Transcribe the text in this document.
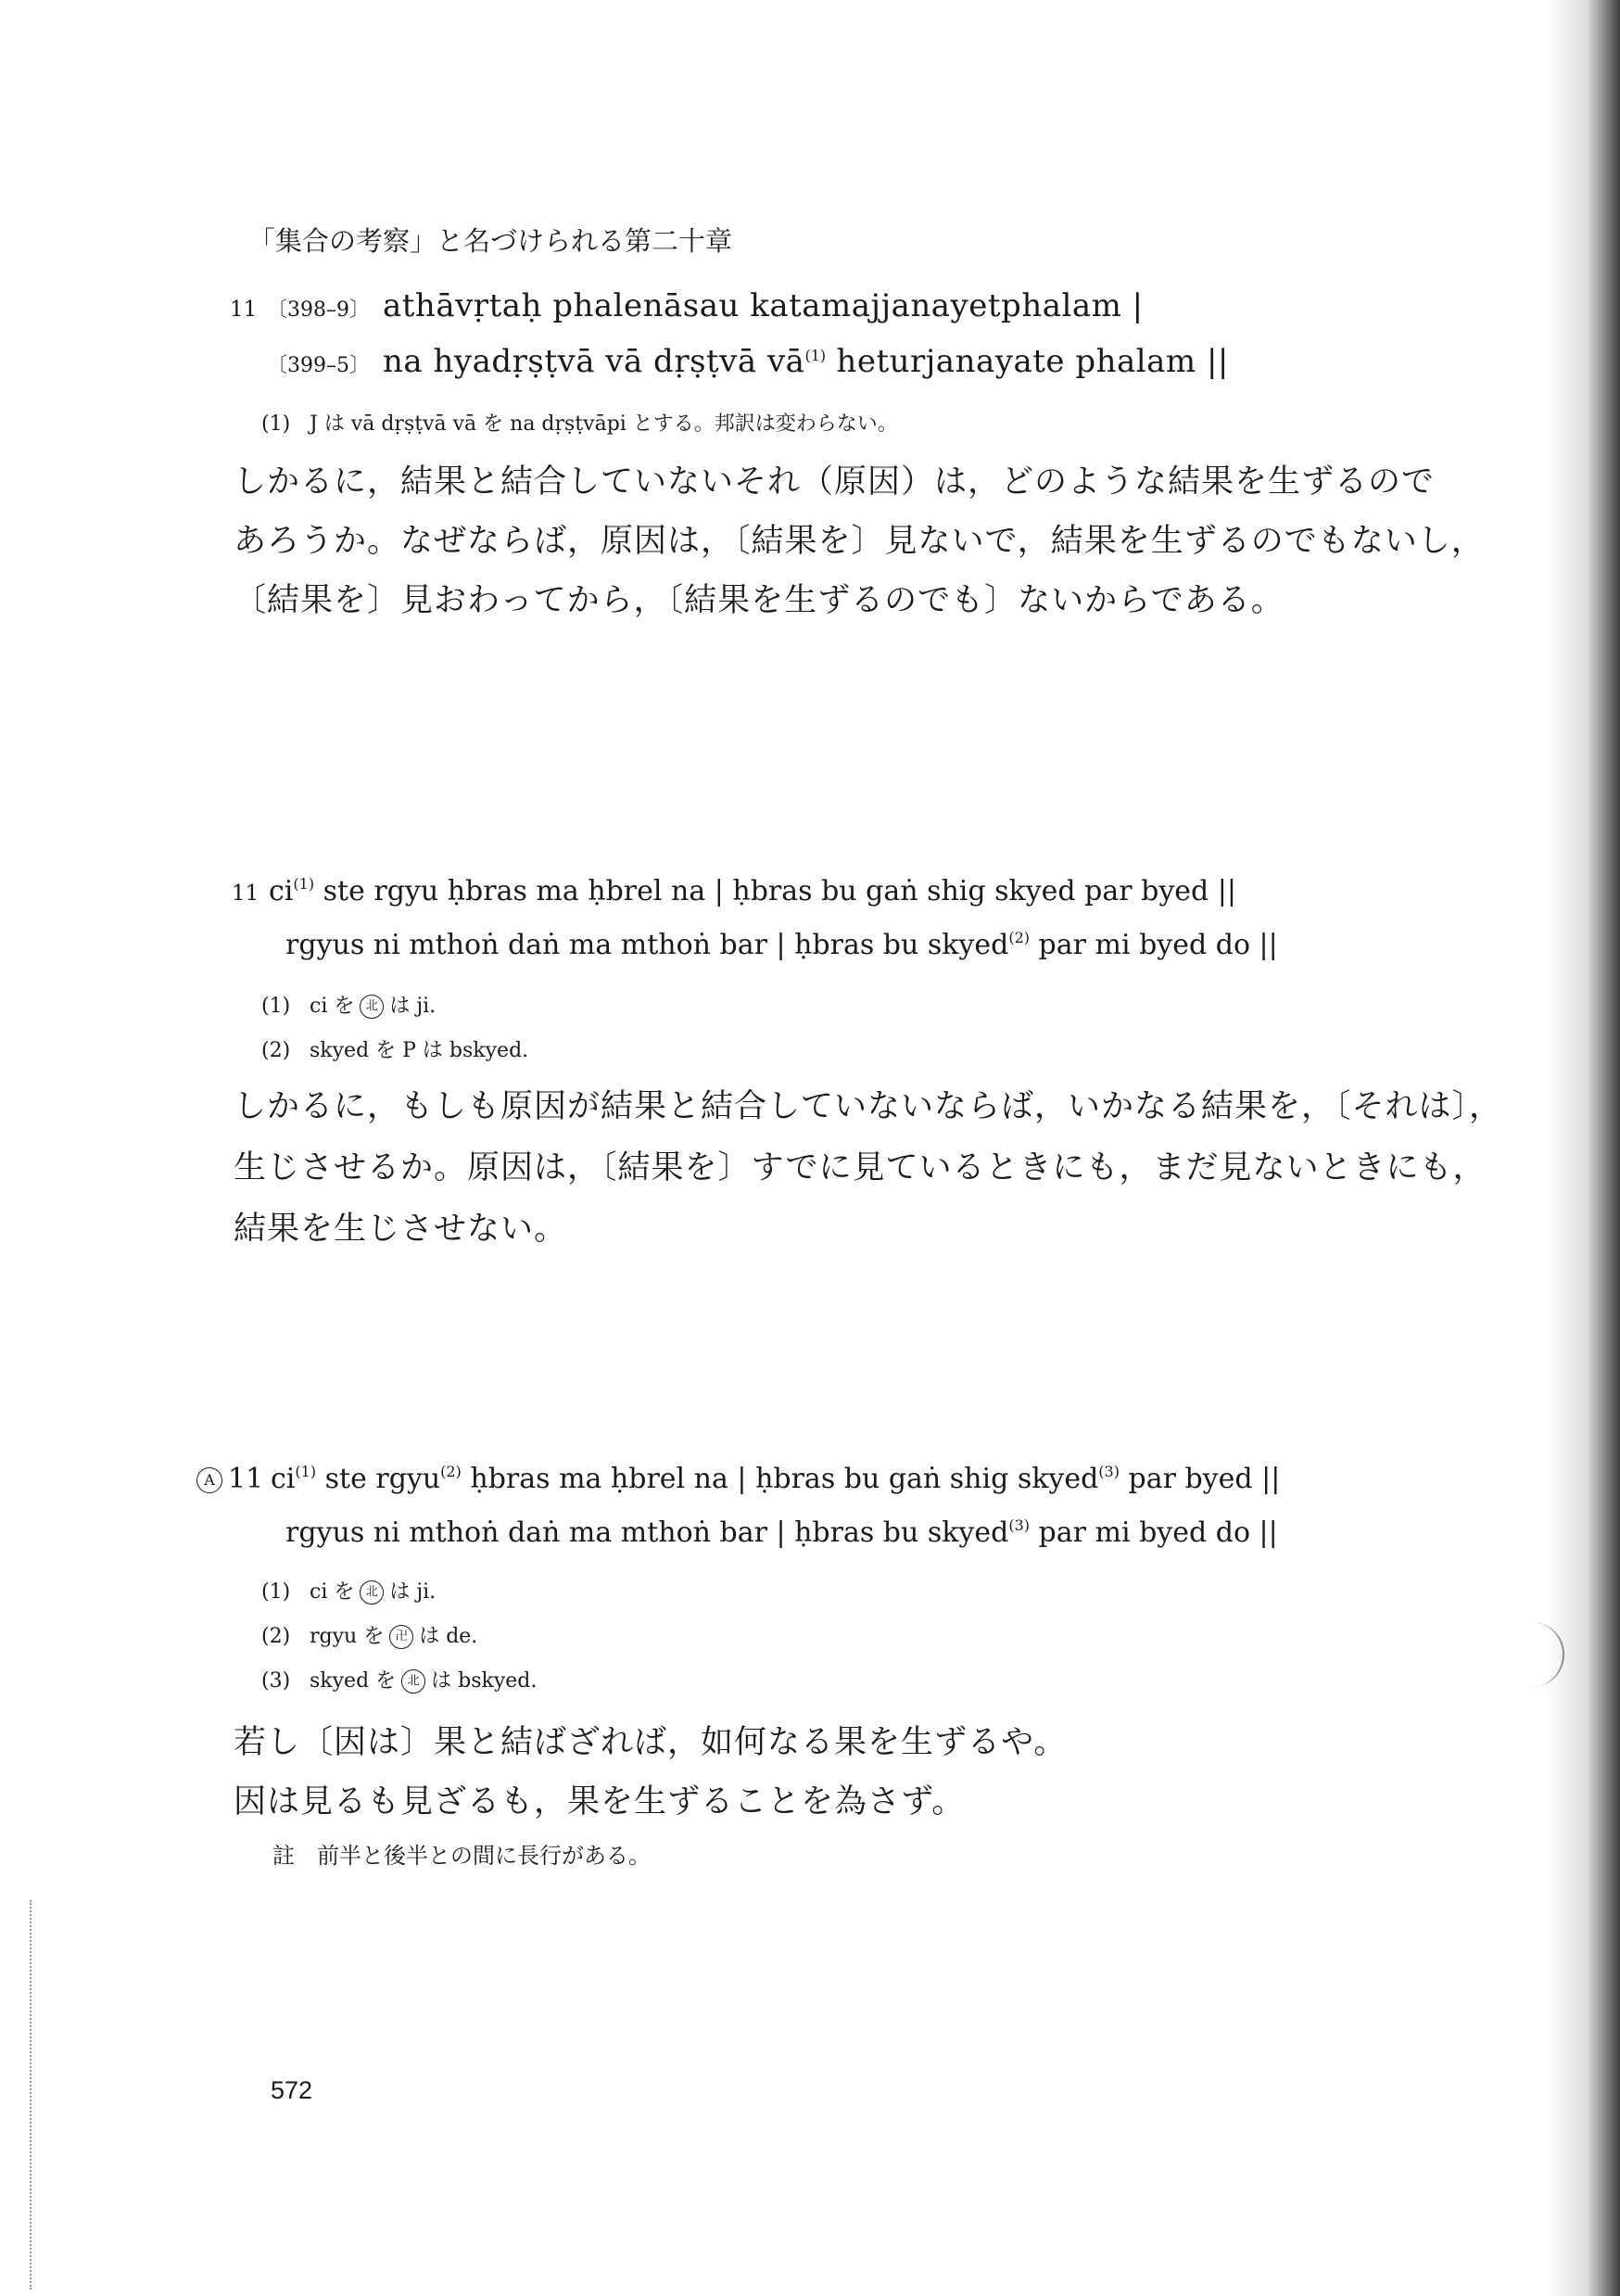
「集合の考察」と名づけられる第二十章
11 〔398–9〕 athāvṛtaḥ phalenāsau katamajjanayetphalam |
〔399–5〕 na hyadṛṣṭvā vā dṛṣṭvā $vā^{(1)}$ heturjanayate phalam ||
(1) J は vā dṛṣṭvā vā を na dṛṣṭvāpi とする。邦訳は変わらない。
しかるに，結果と結合していないそれ（原因）は，どのような結果を生ずるので
あろうか。なぜならば，原因は，〔結果を〕見ないで，結果を生ずるのでもないし，
〔結果を〕見おわってから，〔結果を生ずるのでも〕ないからである。
11 $ci^{(1)}$ ste rgyu ḥbras ma ḥbrel na | ḥbras bu gaṅ shig skyed par byed ||
rgyus ni mthoṅ daṅ ma mthoṅ bar | ḥbras bu skyed$^{(2)}$ par mi byed do ||
(1) ci を 北 は ji.
(2) skyed を P は bskyed.
しかるに，もしも原因が結果と結合していないならば，いかなる結果を，〔それは〕，
生じさせるか。原因は，〔結果を〕すでに見ているときにも，まだ見ないときにも，
結果を生じさせない。
A 11 $ci^{(1)}$ ste rgyu$^{(2)}$ ḥbras ma ḥbrel na | ḥbras bu gaṅ shig skyed$^{(3)}$ par byed ||
rgyus ni mthoṅ daṅ ma mthoṅ bar | ḥbras bu skyed$^{(3)}$ par mi byed do ||
(1) ci を 北 は ji.
(2) rgyu を 卍 は de.
(3) skyed を 北 は bskyed.
若し〔因は〕果と結ばざれば，如何なる果を生ずるや。
因は見るも見ざるも，果を生ずることを為さず。
註 前半と後半との間に長行がある。
572
